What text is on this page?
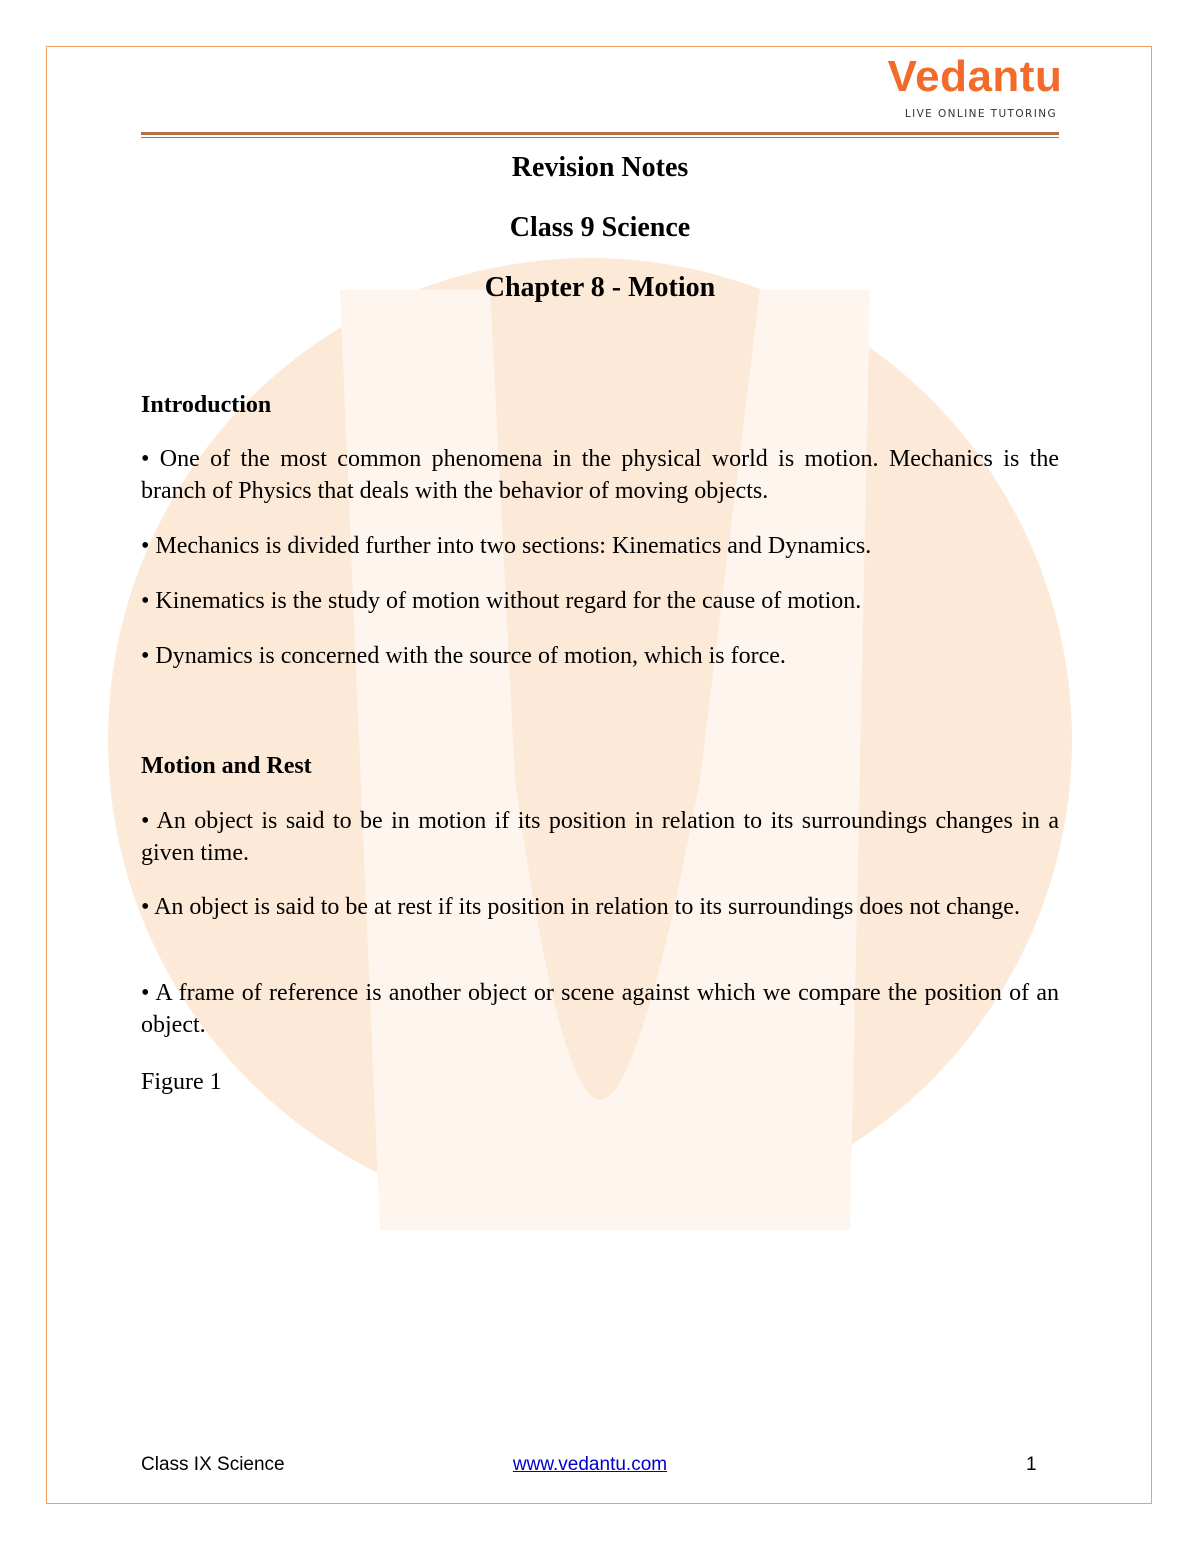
Vedantu
LIVE ONLINE TUTORING
Revision Notes
Class 9 Science
Chapter 8 - Motion
Introduction
• One of the most common phenomena in the physical world is motion. Mechanics is the branch of Physics that deals with the behavior of moving objects.
• Mechanics is divided further into two sections: Kinematics and Dynamics.
• Kinematics is the study of motion without regard for the cause of motion.
• Dynamics is concerned with the source of motion, which is force.
Motion and Rest
• An object is said to be in motion if its position in relation to its surroundings changes in a given time.
• An object is said to be at rest if its position in relation to its surroundings does not change.
• A frame of reference is another object or scene against which we compare the position of an object.
Figure 1
Class IX Science	www.vedantu.com	1
